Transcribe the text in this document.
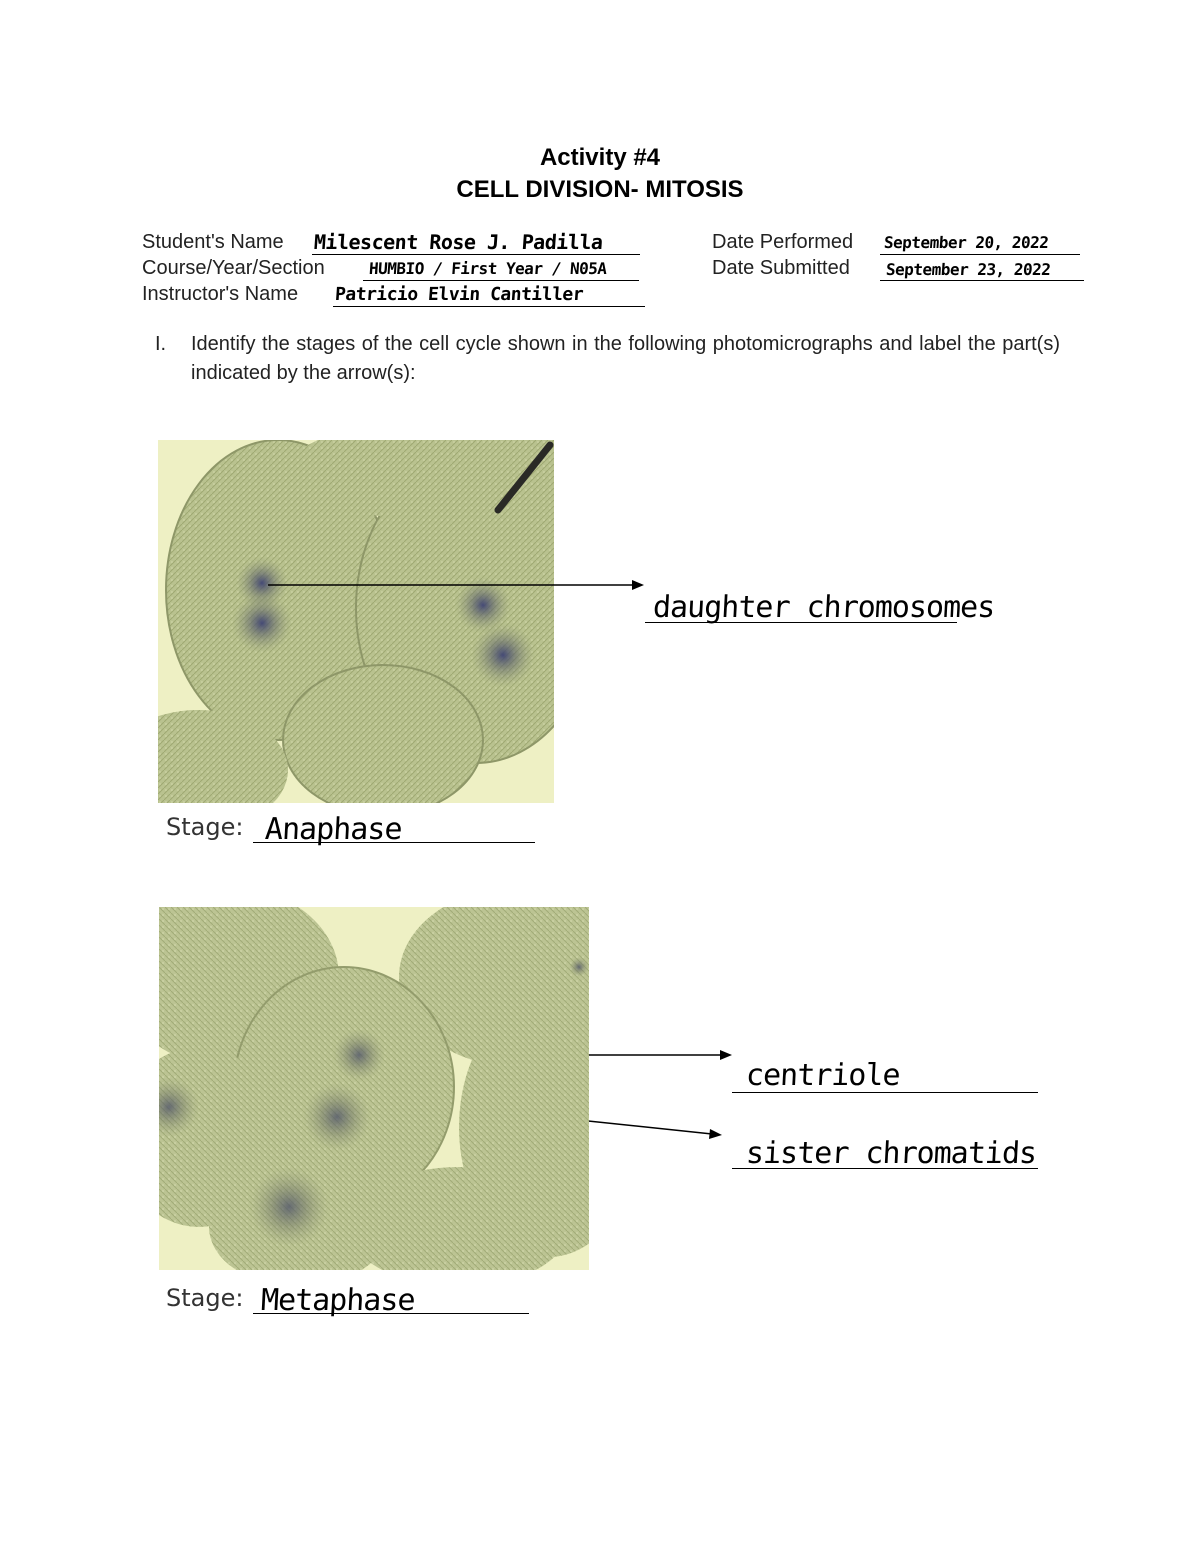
Activity #4
CELL DIVISION- MITOSIS
Student's Name Milescent Rose J. Padilla
Course/Year/Section	HUMBIO / First Year / N05A
Instructor's Name Patricio Elvin Cantiller
Date Performed September 20, 2022
Date Submitted September 23, 2022
I. Identify the stages of the cell cycle shown in the following photomicrographs and label the part(s) indicated by the arrow(s):
daughter chromosomes
Stage: Anaphase
centriole
sister chromatids
Stage: Metaphase
